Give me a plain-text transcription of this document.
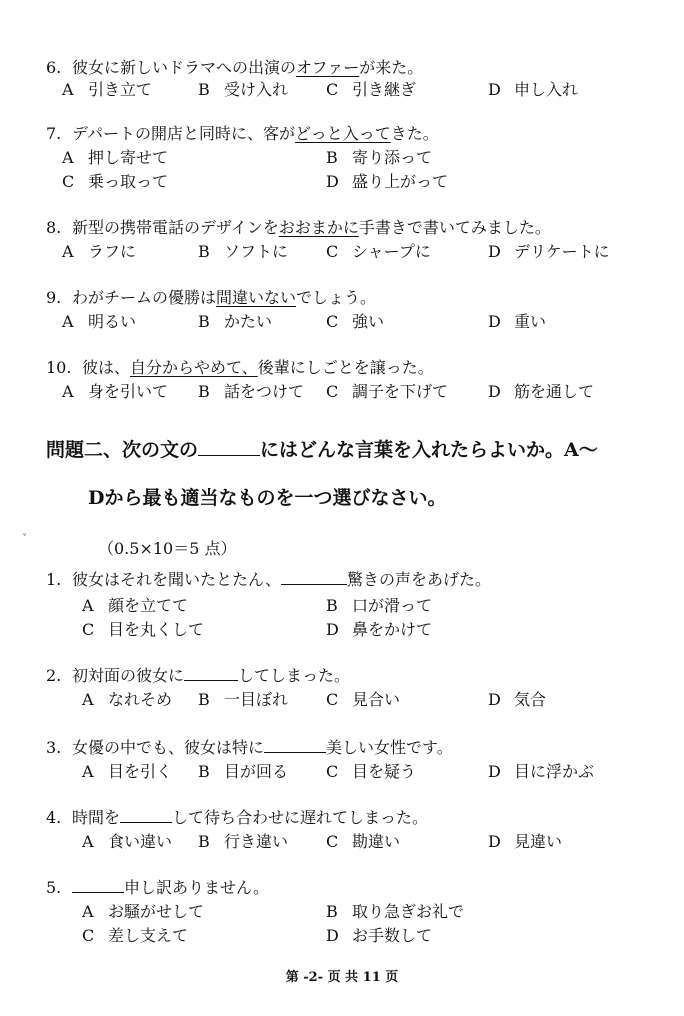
6. 彼女に新しいドラマへの出演のオファーが来た。
A 引き立て	B 受け入れ C 引き継ぎ	D 申し入れ
7. デパートの開店と同時に、客がどっと入ってきた。
A 押し寄せて	B 寄り添って
C 乗っ取って	D 盛り上がって
8. 新型の携帯電話のデザインをおおまかに手書きで書いてみました。
A ラフに	B ソフトに C シャープに	D デリケートに
9. わがチームの優勝は間違いないでしょう。
A 明るい	B かたい	C 強い	D 重い
10. 彼は、自分からやめて、後輩にしごとを譲った。
A 身を引いて B 話をつけて C 調子を下げて D 筋を通して
問題二、次の文の	にはどんな言葉を入れたらよいか。A～
Dから最も適当なものを一つ選びなさい。
（0.5×10＝5 点）
ˇ
1. 彼女はそれを聞いたとたん、	驚きの声をあげた。
A 顔を立てて	B 口が滑って
C 目を丸くして	D 鼻をかけて
2. 初対面の彼女に	してしまった。
A なれそめ B 一目ぼれ C 見合い	D 気合
3. 女優の中でも、彼女は特に	美しい女性です。
A 目を引く B 目が回る C 目を疑う	D 目に浮かぶ
4. 時間を	して待ち合わせに遅れてしまった。
A 食い違い B 行き違い C 勘違い	D 見違い
5.	申し訳ありません。
A お騒がせして	B 取り急ぎお礼で
C 差し支えて	D お手数して
第 -2- 页 共 11 页
